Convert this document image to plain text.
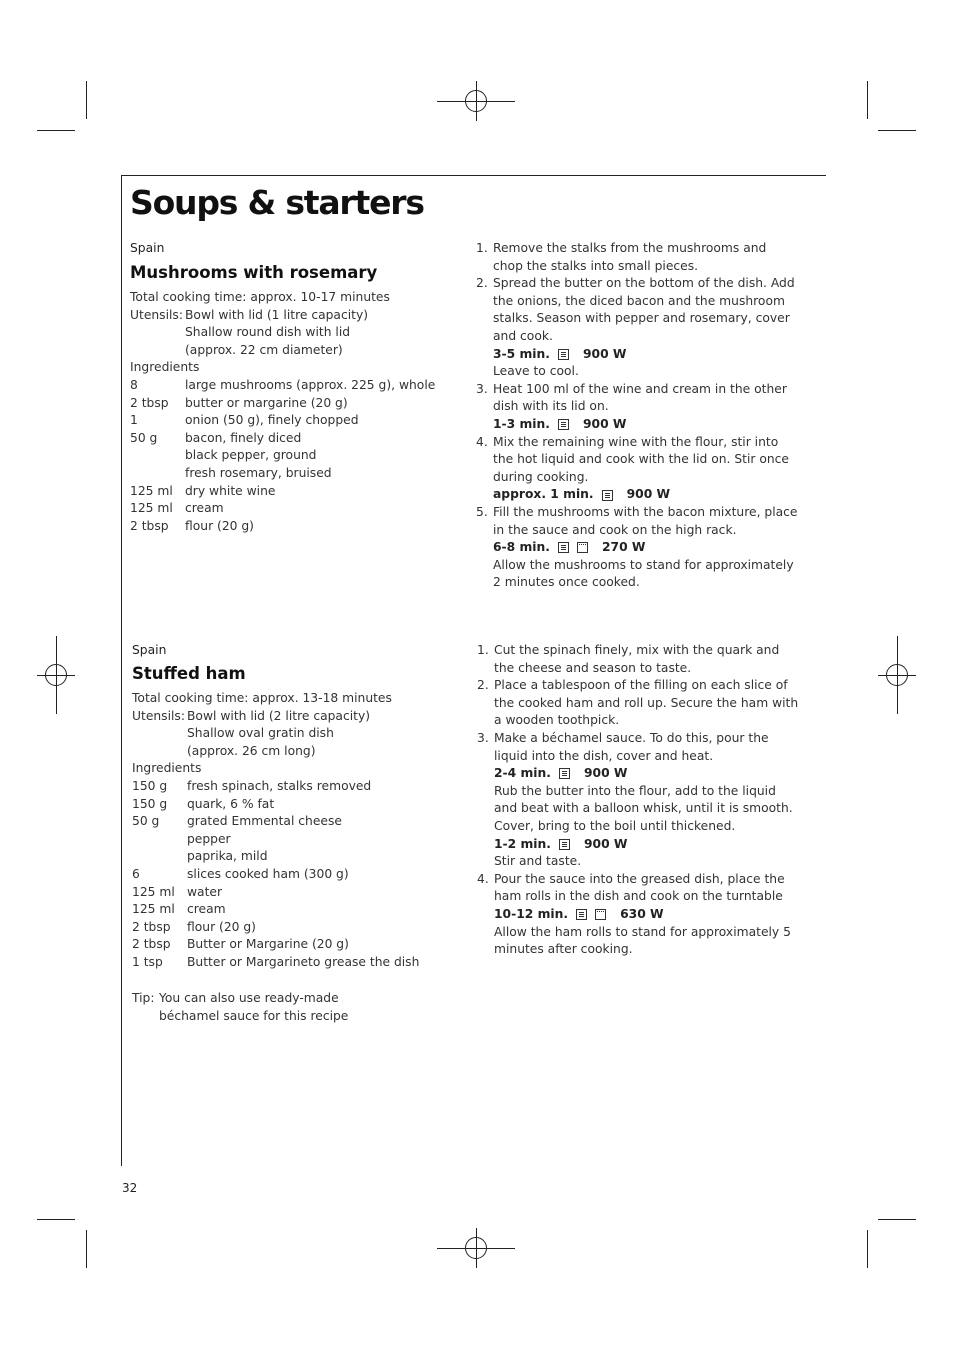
Soups & starters
Spain
Mushrooms with rosemary
Total cooking time: approx. 10-17 minutes
Utensils: Bowl with lid (1 litre capacity)
Shallow round dish with lid
(approx. 22 cm diameter)
Ingredients
8	large mushrooms (approx. 225 g), whole
2 tbsp	butter or margarine (20 g)
1	onion (50 g), finely chopped
50 g	bacon, finely diced
black pepper, ground
fresh rosemary, bruised
125 ml dry white wine
125 ml cream
2 tbsp	flour (20 g)
1. Remove the stalks from the mushrooms and chop the stalks into small pieces.
2. Spread the butter on the bottom of the dish. Add the onions, the diced bacon and the mushroom stalks. Season with pepper and rosemary, cover and cook.
3-5 min.	900 W
Leave to cool.
3. Heat 100 ml of the wine and cream in the other dish with its lid on.
1-3 min.	900 W
4. Mix the remaining wine with the flour, stir into the hot liquid and cook with the lid on. Stir once during cooking.
approx. 1 min.	900 W
5. Fill the mushrooms with the bacon mixture, place in the sauce and cook on the high rack.
6-8 min.	270 W
Allow the mushrooms to stand for approximately 2 minutes once cooked.
Spain
Stuffed ham
Total cooking time: approx. 13-18 minutes
Utensils: Bowl with lid (2 litre capacity)
Shallow oval gratin dish
(approx. 26 cm long)
Ingredients
150 g	fresh spinach, stalks removed
150 g	quark, 6 % fat
50 g	grated Emmental cheese
pepper
paprika, mild
6	slices cooked ham (300 g)
125 ml water
125 ml cream
2 tbsp	flour (20 g)
2 tbsp	Butter or Margarine (20 g)
1 tsp	Butter or Margarineto grease the dish
Tip: You can also use ready-made béchamel sauce for this recipe
1. Cut the spinach finely, mix with the quark and the cheese and season to taste.
2. Place a tablespoon of the filling on each slice of the cooked ham and roll up. Secure the ham with a wooden toothpick.
3. Make a béchamel sauce. To do this, pour the liquid into the dish, cover and heat.
2-4 min.	900 W
Rub the butter into the flour, add to the liquid and beat with a balloon whisk, until it is smooth. Cover, bring to the boil until thickened.
1-2 min.	900 W
Stir and taste.
4. Pour the sauce into the greased dish, place the ham rolls in the dish and cook on the turntable
10-12 min.	630 W
Allow the ham rolls to stand for approximately 5 minutes after cooking.
32
